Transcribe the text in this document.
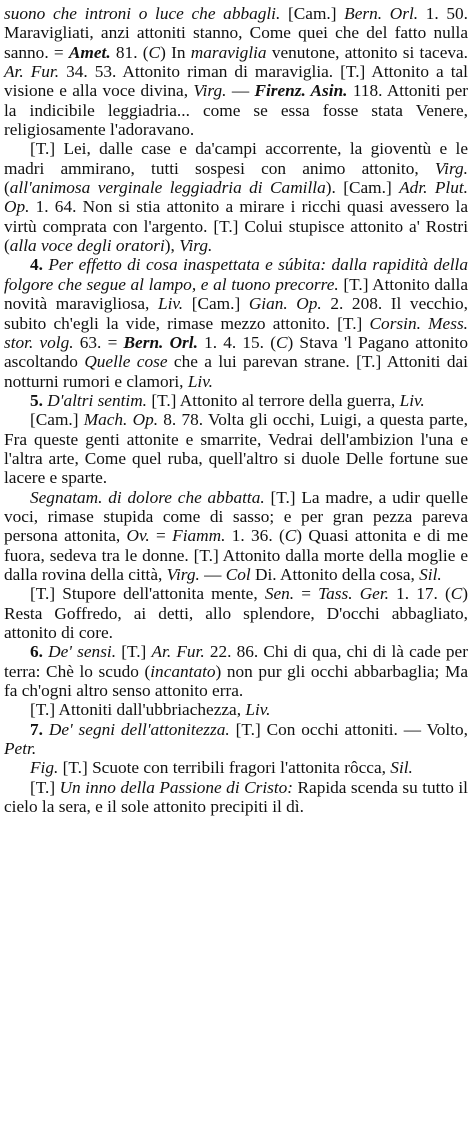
suono che introni o luce che abbagli. [Cam.] Bern. Orl. 1. 50. Maravigliati, anzi attoniti stanno, Come quei che del fatto nulla sanno. = Amet. 81. (C) In maraviglia venutone, attonito si taceva. Ar. Fur. 34. 53. Attonito riman di maraviglia. [T.] Attonito a tal visione e alla voce divina, Virg. — Firenz. Asin. 118. Attoniti per la indicibile leggiadria... come se essa fosse stata Venere, religiosamente l'adoravano.

[T.] Lei, dalle case e da'campi accorrente, la gioventù e le madri ammirano, tutti sospesi con animo attonito, Virg. (all'animosa verginale leggiadria di Camilla). [Cam.] Adr. Plut. Op. 1. 64. Non si stia attonito a mirare i ricchi quasi avessero la virtù comprata con l'argento. [T.] Colui stupisce attonito a' Rostri (alla voce degli oratori), Virg.

4. Per effetto di cosa inaspettata e súbita: dalla rapidità della folgore che segue al lampo, e al tuono precorre. [T.] Attonito dalla novità maravigliosa, Liv. [Cam.] Gian. Op. 2. 208. Il vecchio, subito ch'egli la vide, rimase mezzo attonito. [T.] Corsin. Mess. stor. volg. 63. = Bern. Orl. 1. 4. 15. (C) Stava 'l Pagano attonito ascoltando Quelle cose che a lui parevan strane. [T.] Attoniti dai notturni rumori e clamori, Liv.

5. D'altri sentim. [T.] Attonito al terrore della guerra, Liv.

[Cam.] Mach. Op. 8. 78. Volta gli occhi, Luigi, a questa parte, Fra queste genti attonite e smarrite, Vedrai dell'ambizion l'una e l'altra arte, Come quel ruba, quell'altro si duole Delle fortune sue lacere e sparte.

Segnatam. di dolore che abbatta. [T.] La madre, a udir quelle voci, rimase stupida come di sasso; e per gran pezza pareva persona attonita, Ov. = Fiamm. 1. 36. (C) Quasi attonita e di me fuora, sedeva tra le donne. [T.] Attonito dalla morte della moglie e dalla rovina della città, Virg. — Col Di. Attonito della cosa, Sil.

[T.] Stupore dell'attonita mente, Sen. = Tass. Ger. 1. 17. (C) Resta Goffredo, ai detti, allo splendore, D'occhi abbagliato, attonito di core.

6. De' sensi. [T.] Ar. Fur. 22. 86. Chi di qua, chi di là cade per terra: Chè lo scudo (incantato) non pur gli occhi abbarbaglia; Ma fa ch'ogni altro senso attonito erra.

[T.] Attoniti dall'ubbriachezza, Liv.

7. De' segni dell'attonitezza. [T.] Con occhi attoniti. — Volto, Petr.

Fig. [T.] Scuote con terribili fragori l'attonita rôcca, Sil.

[T.] Un inno della Passione di Cristo: Rapida scenda su tutto il cielo la sera, e il sole attonito precipiti il dì.
